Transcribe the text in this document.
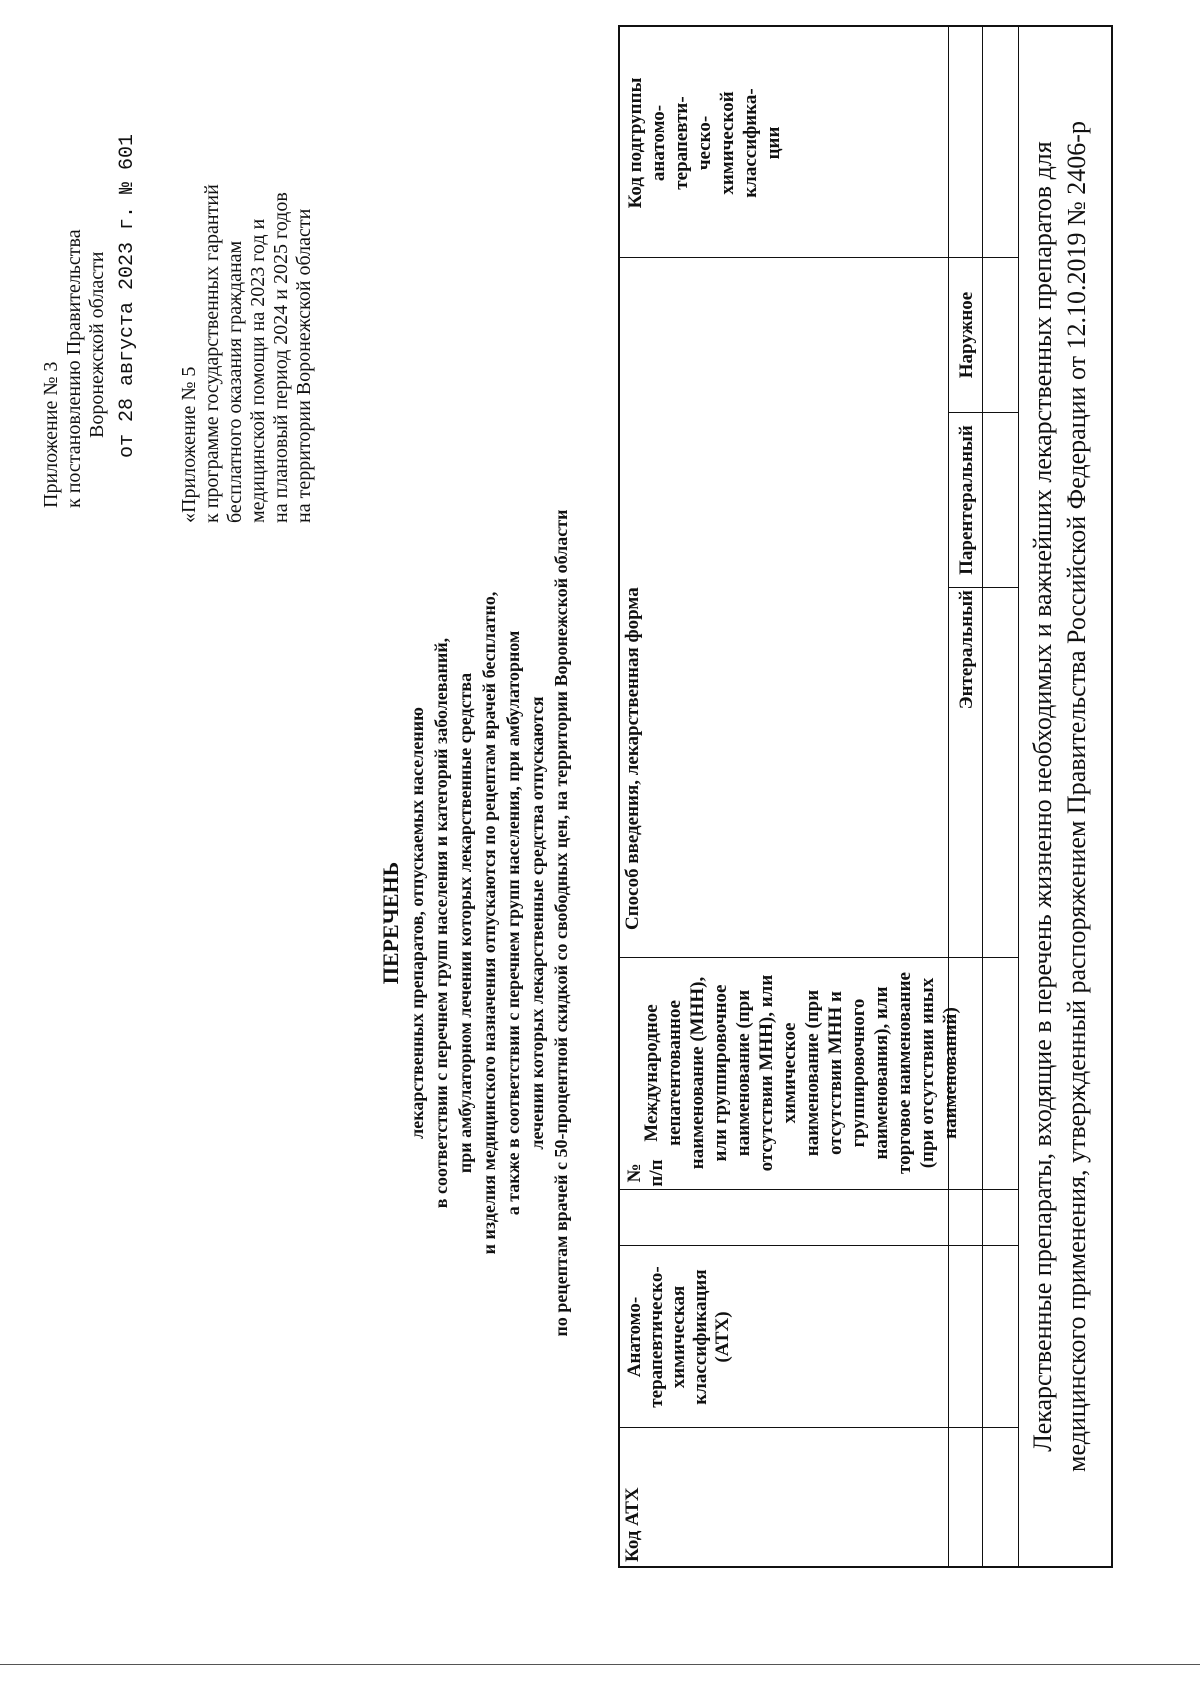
Приложение № 3 к постановлению Правительства Воронежской области от 28 августа 2023 г. № 601 «Приложение № 5 к программе государственных гарантий бесплатного оказания гражданам медицинской помощи на 2023 год и на плановый период 2024 и 2025 годов на территории Воронежской области
ПЕРЕЧЕНЬ лекарственных препаратов, отпускаемых населению в соответствии с перечнем групп населения и категорий заболеваний, при амбулаторном лечении которых лекарственные средства и изделия медицинского назначения отпускаются по рецептам врачей бесплатно, а также в соответствии с перечнем групп населения, при амбулаторном лечении которых лекарственные средства отпускаются по рецептам врачей с 50-процентной скидкой со свободных цен, на территории Воронежской области
Код АТХ
Анатомо-терапевтическо-химическая классификация (АТХ)
№ п/п
Международное непатентованное наименование (МНН), или группировочное наименование (при отсутствии МНН), или химическое наименование (при отсутствии МНН и группировочного наименования), или торговое наименование (при отсутствии иных наименований)
Способ введения, лекарственная форма	Энтеральный
Парентеральный
Наружное
Код подгруппы анатомо-терапевти-ческо-химической классифика-ции	Лекарственные препараты, входящие в перечень жизненно необходимых и важнейших лекарственных препаратов для медицинского применения, утвержденный распоряжением Правительства Российской Федерации от 12.10.2019 № 2406-р
